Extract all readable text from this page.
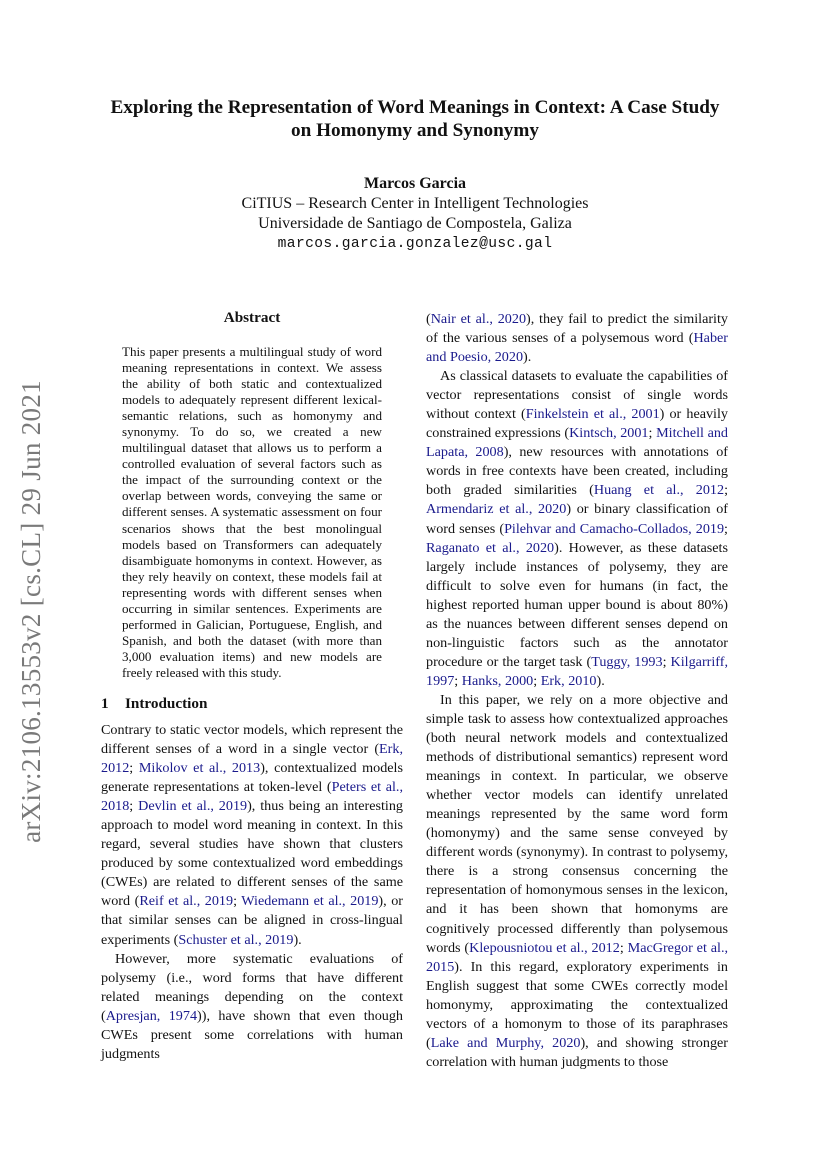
arXiv:2106.13553v2 [cs.CL] 29 Jun 2021
Exploring the Representation of Word Meanings in Context: A Case Study on Homonymy and Synonymy
Marcos Garcia
CiTIUS – Research Center in Intelligent Technologies
Universidade de Santiago de Compostela, Galiza
marcos.garcia.gonzalez@usc.gal
Abstract
This paper presents a multilingual study of word meaning representations in context. We assess the ability of both static and contextualized models to adequately represent different lexical-semantic relations, such as homonymy and synonymy. To do so, we created a new multilingual dataset that allows us to perform a controlled evaluation of several factors such as the impact of the surrounding context or the overlap between words, conveying the same or different senses. A systematic assessment on four scenarios shows that the best monolingual models based on Transformers can adequately disambiguate homonyms in context. However, as they rely heavily on context, these models fail at representing words with different senses when occurring in similar sentences. Experiments are performed in Galician, Portuguese, English, and Spanish, and both the dataset (with more than 3,000 evaluation items) and new models are freely released with this study.
1 Introduction

Contrary to static vector models, which represent the different senses of a word in a single vector (Erk, 2012; Mikolov et al., 2013), contextualized models generate representations at token-level (Peters et al., 2018; Devlin et al., 2019), thus being an interesting approach to model word meaning in context. In this regard, several studies have shown that clusters produced by some contextualized word embeddings (CWEs) are related to different senses of the same word (Reif et al., 2019; Wiedemann et al., 2019), or that similar senses can be aligned in cross-lingual experiments (Schuster et al., 2019).

However, more systematic evaluations of polysemy (i.e., word forms that have different related meanings depending on the context (Apresjan, 1974)), have shown that even though CWEs present some correlations with human judgments

(Nair et al., 2020), they fail to predict the similarity of the various senses of a polysemous word (Haber and Poesio, 2020).

As classical datasets to evaluate the capabilities of vector representations consist of single words without context (Finkelstein et al., 2001) or heavily constrained expressions (Kintsch, 2001; Mitchell and Lapata, 2008), new resources with annotations of words in free contexts have been created, including both graded similarities (Huang et al., 2012; Armendariz et al., 2020) or binary classification of word senses (Pilehvar and Camacho-Collados, 2019; Raganato et al., 2020). However, as these datasets largely include instances of polysemy, they are difficult to solve even for humans (in fact, the highest reported human upper bound is about 80%) as the nuances between different senses depend on non-linguistic factors such as the annotator procedure or the target task (Tuggy, 1993; Kilgarriff, 1997; Hanks, 2000; Erk, 2010).

In this paper, we rely on a more objective and simple task to assess how contextualized approaches (both neural network models and contextualized methods of distributional semantics) represent word meanings in context. In particular, we observe whether vector models can identify unrelated meanings represented by the same word form (homonymy) and the same sense conveyed by different words (synonymy). In contrast to polysemy, there is a strong consensus concerning the representation of homonymous senses in the lexicon, and it has been shown that homonyms are cognitively processed differently than polysemous words (Klepousniotou et al., 2012; MacGregor et al., 2015). In this regard, exploratory experiments in English suggest that some CWEs correctly model homonymy, approximating the contextualized vectors of a homonym to those of its paraphrases (Lake and Murphy, 2020), and showing stronger correlation with human judgments to those
